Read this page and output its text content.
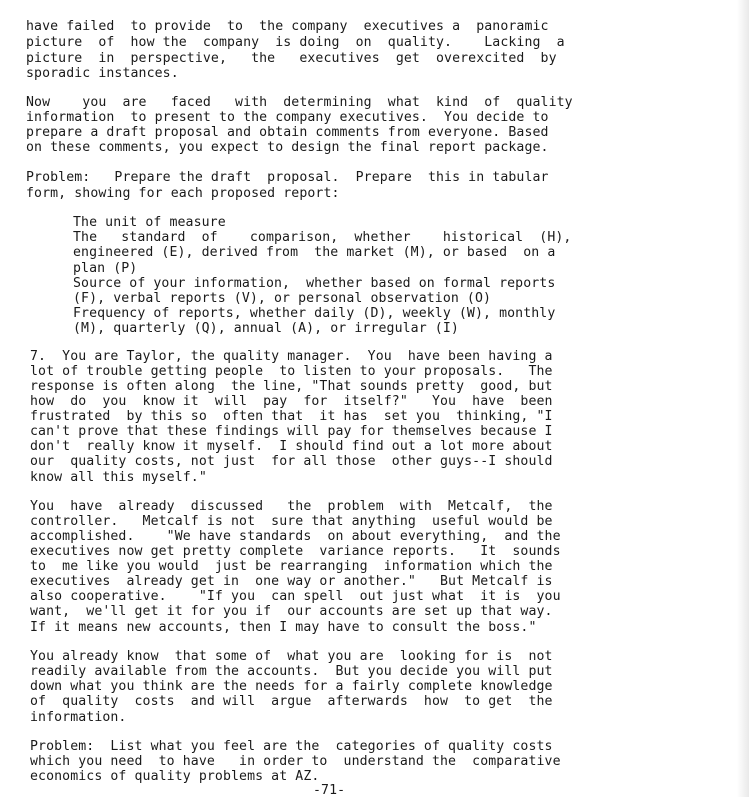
have failed  to provide  to  the company  executives a  panoramic
picture  of  how the  company  is doing  on  quality.    Lacking  a
picture  in  perspective,   the   executives  get  overexcited  by
sporadic instances.
Now    you  are   faced   with  determining  what  kind  of  quality
information  to present to the company executives.  You decide to
prepare a draft proposal and obtain comments from everyone. Based
on these comments, you expect to design the final report package.
Problem:   Prepare the draft  proposal.  Prepare  this in tabular
form, showing for each proposed report:
The unit of measure
The   standard  of    comparison,  whether    historical  (H),
engineered (E), derived from  the market (M), or based  on a
plan (P)
Source of your information,  whether based on formal reports
(F), verbal reports (V), or personal observation (O)
Frequency of reports, whether daily (D), weekly (W), monthly
(M), quarterly (Q), annual (A), or irregular (I)
7.  You are Taylor, the quality manager.  You  have been having a
lot of trouble getting people  to listen to your proposals.   The
response is often along  the line, "That sounds pretty  good, but
how  do  you  know it  will  pay  for  itself?"   You  have  been
frustrated  by this so  often that  it has  set you  thinking, "I
can't prove that these findings will pay for themselves because I
don't  really know it myself.  I should find out a lot more about
our  quality costs, not just  for all those  other guys--I should
know all this myself."
You  have  already  discussed   the  problem  with  Metcalf,  the
controller.   Metcalf is not  sure that anything  useful would be
accomplished.    "We have standards  on about everything,  and the
executives now get pretty complete  variance reports.   It  sounds
to  me like you would  just be rearranging  information which the
executives  already get in  one way or another."   But Metcalf is
also cooperative.    "If you  can spell  out just what  it is  you
want,  we'll get it for you if  our accounts are set up that way.
If it means new accounts, then I may have to consult the boss."
You already know  that some of  what you are  looking for is  not
readily available from the accounts.  But you decide you will put
down what you think are the needs for a fairly complete knowledge
of  quality  costs  and will  argue  afterwards  how  to get  the
information.
Problem:  List what you feel are the  categories of quality costs
which you need  to have   in order to  understand the  comparative
economics of quality problems at AZ.
-71-
